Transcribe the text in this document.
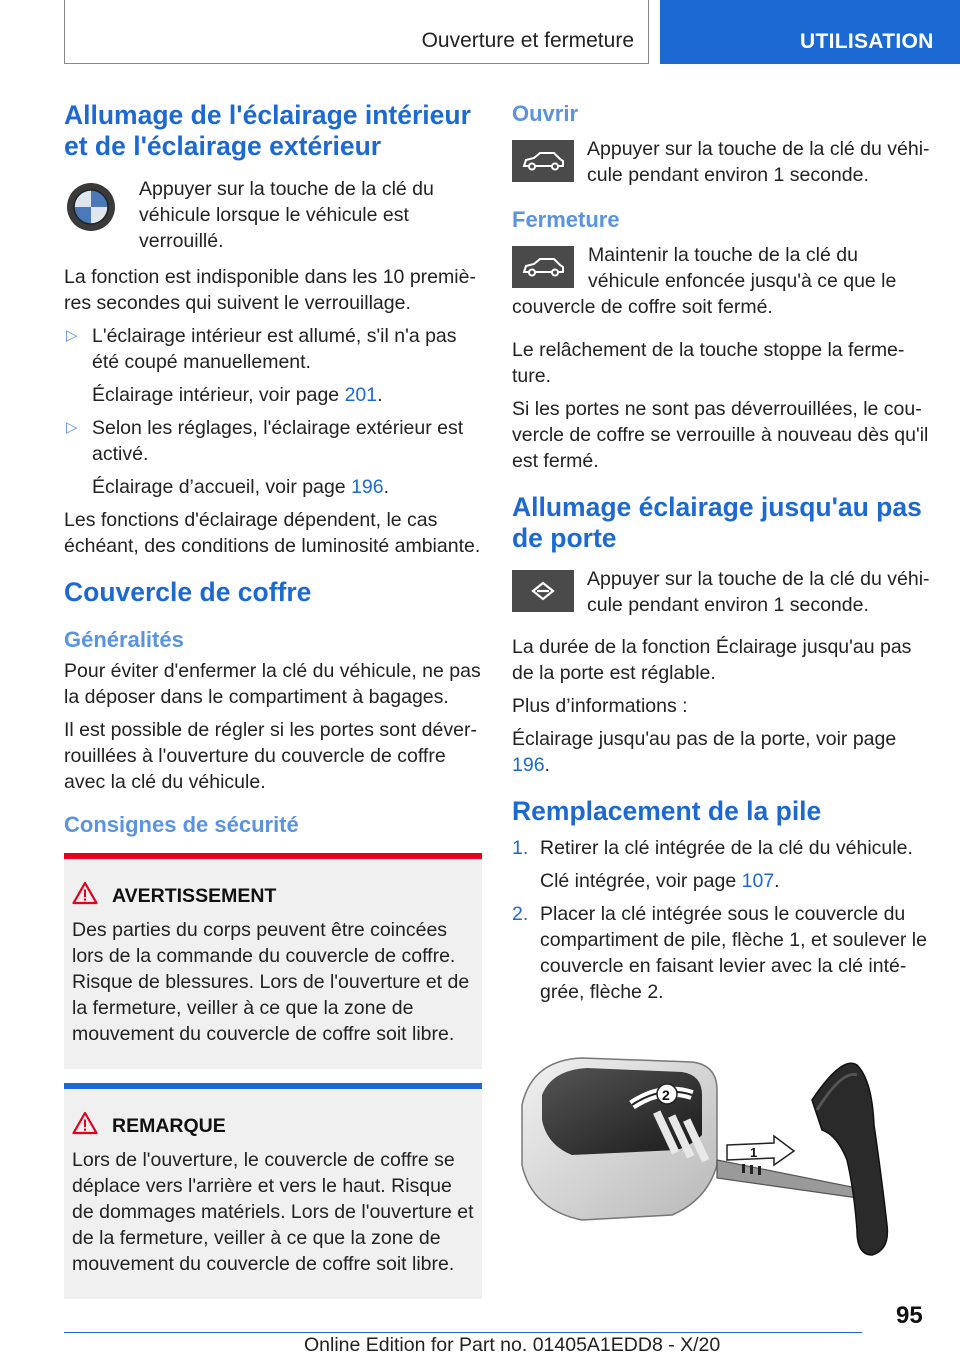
Ouverture et fermeture	UTILISATION
Allumage de l'éclairage intérieur et de l'éclairage extérieur
Appuyer sur la touche de la clé du véhicule lorsque le véhicule est verrouillé.
La fonction est indisponible dans les 10 premières secondes qui suivent le verrouillage.
▷ L'éclairage intérieur est allumé, s'il n'a pas été coupé manuellement.
Éclairage intérieur, voir page 201.
▷ Selon les réglages, l'éclairage extérieur est activé.
Éclairage d’accueil, voir page 196.
Les fonctions d'éclairage dépendent, le cas échéant, des conditions de luminosité ambiante.
Couvercle de coffre
Généralités
Pour éviter d'enfermer la clé du véhicule, ne pas la déposer dans le compartiment à bagages.
Il est possible de régler si les portes sont déverrouillées à l'ouverture du couvercle de coffre avec la clé du véhicule.
Consignes de sécurité
AVERTISSEMENT
Des parties du corps peuvent être coincées lors de la commande du couvercle de coffre. Risque de blessures. Lors de l'ouverture et de la fermeture, veiller à ce que la zone de mouvement du couvercle de coffre soit libre.
REMARQUE
Lors de l'ouverture, le couvercle de coffre se déplace vers l'arrière et vers le haut. Risque de dommages matériels. Lors de l'ouverture et de la fermeture, veiller à ce que la zone de mouvement du couvercle de coffre soit libre.
Ouvrir
Appuyer sur la touche de la clé du véhicule pendant environ 1 seconde.
Fermeture
Maintenir la touche de la clé du véhicule enfoncée jusqu'à ce que le couvercle de coffre soit fermé.
Le relâchement de la touche stoppe la fermeture.
Si les portes ne sont pas déverrouillées, le couvercle de coffre se verrouille à nouveau dès qu'il est fermé.
Allumage éclairage jusqu'au pas de porte
Appuyer sur la touche de la clé du véhicule pendant environ 1 seconde.
La durée de la fonction Éclairage jusqu'au pas de la porte est réglable.
Plus d’informations :
Éclairage jusqu'au pas de la porte, voir page 196.
Remplacement de la pile
1. Retirer la clé intégrée de la clé du véhicule.
Clé intégrée, voir page 107.
2. Placer la clé intégrée sous le couvercle du compartiment de pile, flèche 1, et soulever le couvercle en faisant levier avec la clé intégrée, flèche 2.
2
1
95
Online Edition for Part no. 01405A1EDD8 - X/20
